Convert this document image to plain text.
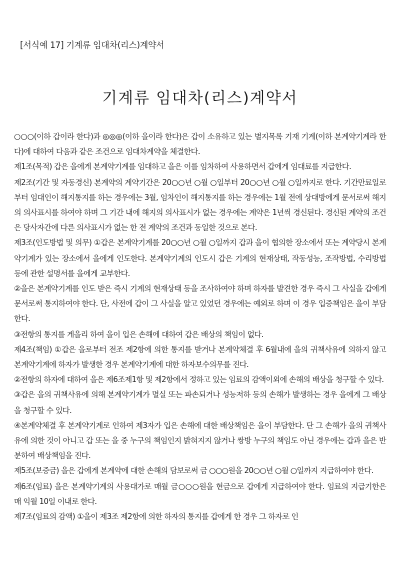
[서식예 17] 기계류 임대차(리스)계약서
기계류 임대차(리스)계약서

○○○(이하 갑이라 한다)과 ◎◎◎(이하 을이라 한다)은 갑이 소유하고 있는 별지목록 기재 기계(이하 본계약기계라 한다)에 대하여 다음과 같은 조건으로 임대차계약을 체결한다.

제1조(목적) 갑은 을에게 본계약기계를 임대하고 을은 이를 임차하여 사용하면서 갑에게 임대료를 지급한다.

제2조(기간 및 자동경신) 본계약의 계약기간은 20○○년 ○월 ○일부터 20○○년 ○월 ○일까지로 한다. 기간만료일로부터 임대인이 해지통지를 하는 경우에는 3월, 임차인이 해지통지를 하는 경우에는 1월 전에 상대방에게 문서로써 해지의 의사표시를 하여야 하며 그 기간 내에 해지의 의사표시가 없는 경우에는 계약은 1년씩 경신된다. 경신된 계약의 조건은 당사자간에 다른 의사표시가 없는 한 전 계약의 조건과 동일한 것으로 본다.

제3조(인도방법 및 의무) ①갑은 본계약기계를 20○○년 ○월 ○일까지 갑과 을이 협의한 장소에서 또는 계약당시 본계약기계가 있는 장소에서 을에게 인도한다. 본계약기계의 인도시 갑은 기계의 현재상태, 작동성능, 조작방법, 수리방법 등에 관한 설명서를 을에게 교부한다.

②을은 본계약기계를 인도 받은 즉시 기계의 현재상태 등을 조사하여야 하며 하자를 발견한 경우 즉시 그 사실을 갑에게 문서로써 통지하여야 한다. 단, 사전에 갑이 그 사실을 알고 있었던 경우에는 예외로 하며 이 경우 입증책임은 을이 부담한다.

③전항의 통지를 게을리 하여 을이 입은 손해에 대하여 갑은 배상의 책임이 없다.

제4조(책임) ①갑은 을로부터 전조 제2항에 의한 통지를 받거나 본계약체결 후 6월내에 을의 귀책사유에 의하지 않고 본계약기계에 하자가 발생한 경우 본계약기계에 대한 하자보수의무를 진다.

②전항의 하자에 대하여 을은 제6조제1항 및 제2항에서 정하고 있는 임료의 감액이외에 손해의 배상을 청구할 수 있다.

③갑은 을의 귀책사유에 의해 본계약기계가 멸실 또는 파손되거나 성능저하 등의 손해가 발생하는 경우 을에게 그 배상을 청구할 수 있다.

④본계약체결 후 본계약기계로 인하여 제3자가 입은 손해에 대한 배상책임은 을이 부담한다. 단 그 손해가 을의 귀책사유에 의한 것이 아니고 갑 또는 을 중 누구의 책임인지 밝혀지지 않거나 쌍방 누구의 책임도 아닌 경우에는 갑과 을은 반분하여 배상책임을 진다.

제5조(보증금) 을은 갑에게 본계약에 대한 손해의 담보로써 금 ○○○원을 20○○년 ○월 ○일까지 지급하여야 한다.

제6조(임료) 을은 본계약기계의 사용대가로 매월 금○○○원을 현금으로 갑에게 지급하여야 한다. 임료의 지급기한은 매 익월 10일 이내로 한다.

제7조(임료의 감액) ①을이 제3조 제2항에 의한 하자의 통지를 갑에게 한 경우 그 하자로 인
